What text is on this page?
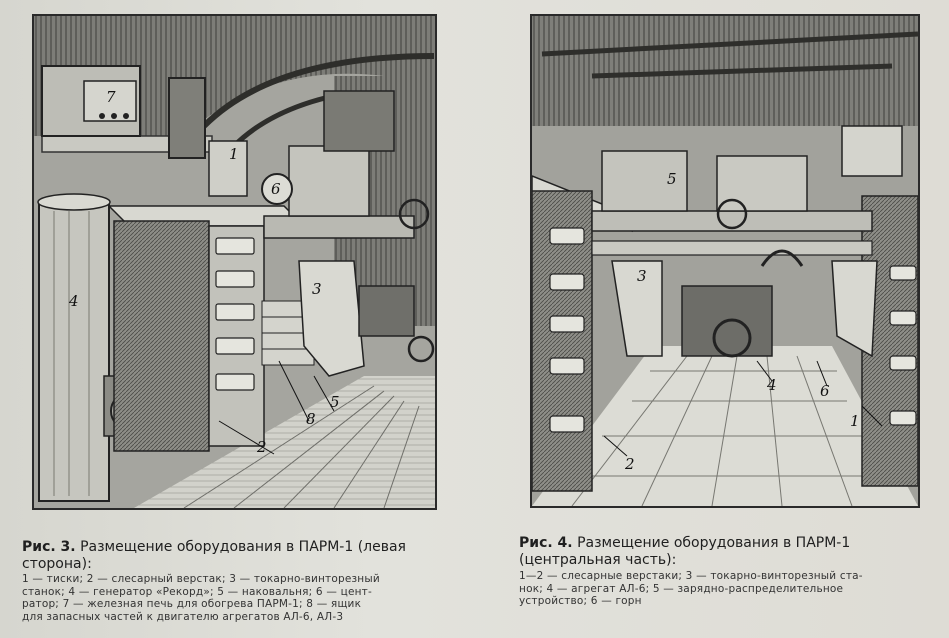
7
1
6
3
4
5
8
2
5
3
4	6
1
2
Рис. 3. Размещение оборудования в ПАРМ-1 (левая сторона):
1 — тиски; 2 — слесарный верстак; 3 — токарно-винторезный
станок; 4 — генератор «Рекорд»; 5 — наковальня; 6 — цент-
ратор; 7 — железная печь для обогрева ПАРМ-1; 8 — ящик
для запасных частей к двигателю агрегатов АЛ-6, АЛ-3
Рис. 4. Размещение оборудования в ПАРМ-1 (центральная часть):
1—2 — слесарные верстаки; 3 — токарно-винторезный ста-
нок; 4 — агрегат АЛ-6; 5 — зарядно-распределительное
устройство; 6 — горн
